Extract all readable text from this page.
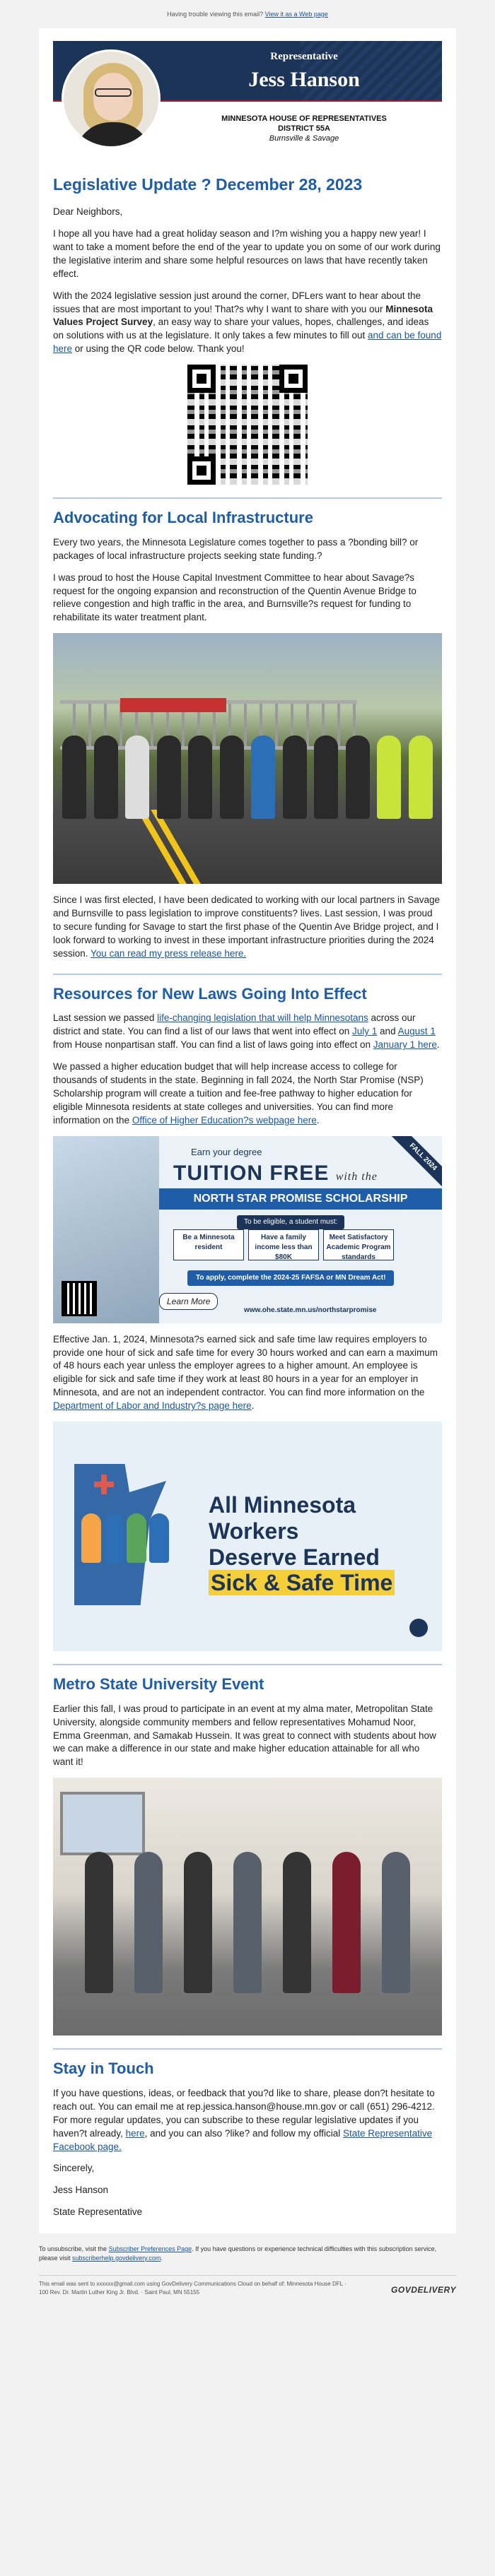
Having trouble viewing this email?
View it as a Web page
Representative
Jess Hanson
MINNESOTA HOUSE OF REPRESENTATIVES
DISTRICT 55A
Burnsville & Savage
Legislative Update ? December 28, 2023

Dear Neighbors,

I hope all you have had a great holiday season and I?m wishing you a happy new year! I want to take a moment before the end of the year to update you on some of our work during the legislative interim and share some helpful resources on laws that have recently taken effect.

With the 2024 legislative session just around the corner, DFLers want to hear about the issues that are most important to you! That?s why I want to share with you our Minnesota Values Project Survey, an easy way to share your values, hopes, challenges, and ideas on solutions with us at the legislature. It only takes a few minutes to fill out and can be found here or using the QR code below. Thank you!

Advocating for Local Infrastructure

Every two years, the Minnesota Legislature comes together to pass a ?bonding bill? or packages of local infrastructure projects seeking state funding.?

I was proud to host the House Capital Investment Committee to hear about Savage?s request for the ongoing expansion and reconstruction of the Quentin Avenue Bridge to relieve congestion and high traffic in the area, and Burnsville?s request for funding to rehabilitate its water treatment plant.

Since I was first elected, I have been dedicated to working with our local partners in Savage and Burnsville to pass legislation to improve constituents? lives. Last session, I was proud to secure funding for Savage to start the first phase of the Quentin Ave Bridge project, and I look forward to working to invest in these important infrastructure priorities during the 2024 session. You can read my press release here.

Resources for New Laws Going Into Effect

Last session we passed life-changing legislation that will help Minnesotans across our district and state. You can find a list of our laws that went into effect on July 1 and August 1 from House nonpartisan staff. You can find a list of laws going into effect on January 1 here.

We passed a higher education budget that will help increase access to college for thousands of students in the state. Beginning in fall 2024, the North Star Promise (NSP) Scholarship program will create a tuition and fee-free pathway to higher education for eligible Minnesota residents at state colleges and universities. You can find more information on the Office of Higher Education?s webpage here.

Earn your degree
TUITION FREE with the
NORTH STAR PROMISE SCHOLARSHIP
To be eligible, a student must:
Be a Minnesota resident
Have a family income less than $80K
Meet Satisfactory Academic Program standards
To apply, complete the 2024-25 FAFSA or MN Dream Act!
Learn More
www.ohe.state.mn.us/northstarpromise
FALL 2024

Effective Jan. 1, 2024, Minnesota?s earned sick and safe time law requires employers to provide one hour of sick and safe time for every 30 hours worked and can earn a maximum of 48 hours each year unless the employer agrees to a higher amount. An employee is eligible for sick and safe time if they work at least 80 hours in a year for an employer in Minnesota, and are not an independent contractor. You can find more information on the Department of Labor and Industry?s page here.

All Minnesota Workers
Deserve Earned
Sick & Safe Time
Metro State University Event

Earlier this fall, I was proud to participate in an event at my alma mater, Metropolitan State University, alongside community members and fellow representatives Mohamud Noor, Emma Greenman, and Samakab Hussein. It was great to connect with students about how we can make a difference in our state and make higher education attainable for all who want it!

Stay in Touch

If you have questions, ideas, or feedback that you?d like to share, please don?t hesitate to reach out. You can email me at rep.jessica.hanson@house.mn.gov or call (651) 296-4212. For more regular updates, you can subscribe to these regular legislative updates if you haven?t already, here, and you can also ?like? and follow my official State Representative Facebook page.

Sincerely,

Jess Hanson

State Representative

To unsubscribe, visit the Subscriber Preferences Page. If you have questions or experience technical difficulties with this subscription service, please visit subscriberhelp.govdelivery.com.

This email was sent to xxxxxx@gmail.com using GovDelivery Communications Cloud on behalf of: Minnesota House DFL · 100 Rev. Dr. Martin Luther King Jr. Blvd. · Saint Paul, MN 55155	GOVDELIVERY
